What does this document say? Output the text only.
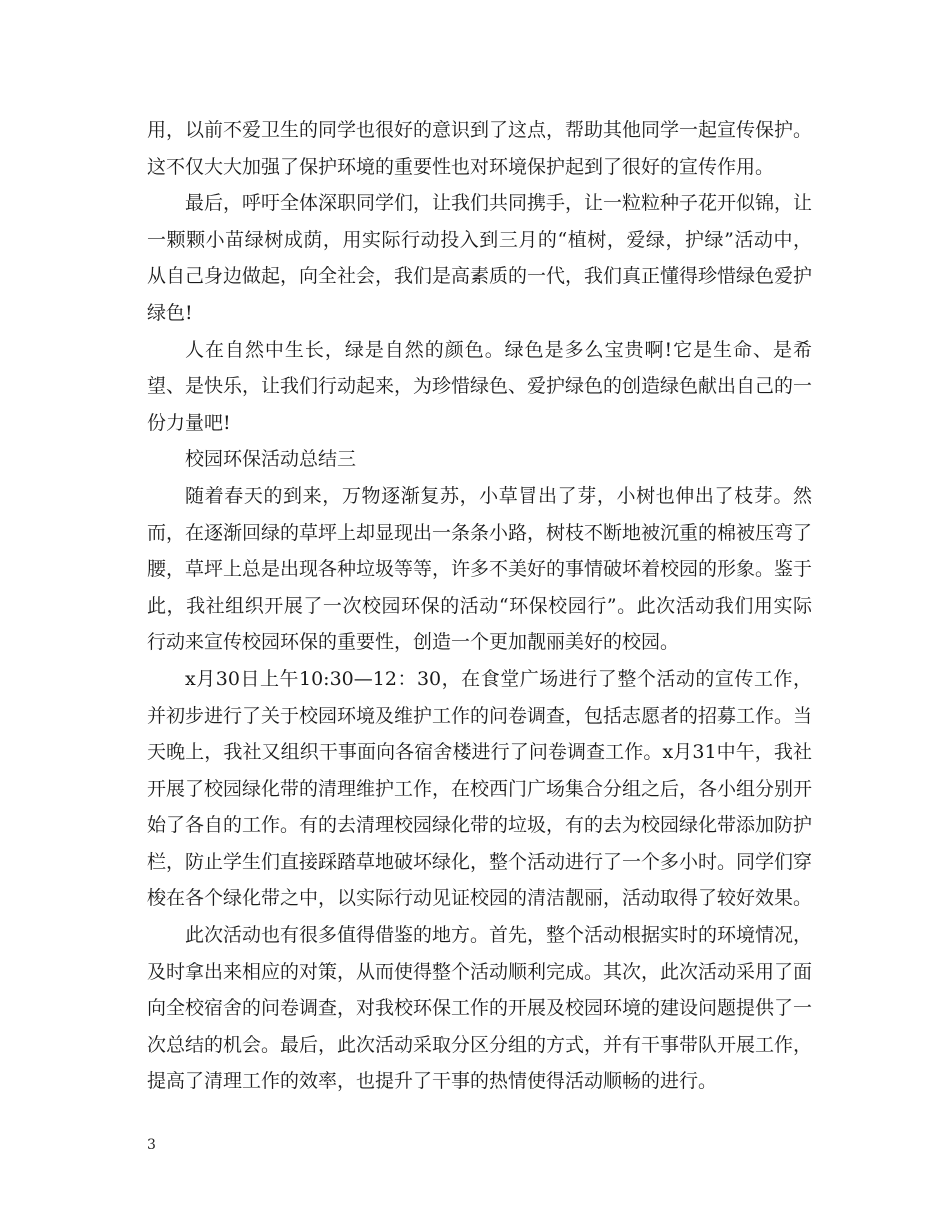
用，以前不爱卫生的同学也很好的意识到了这点，帮助其他同学一起宣传保护。这不仅大大加强了保护环境的重要性也对环境保护起到了很好的宣传作用。

最后，呼吁全体深职同学们，让我们共同携手，让一粒粒种子花开似锦，让一颗颗小苗绿树成荫，用实际行动投入到三月的“植树，爱绿，护绿”活动中，从自己身边做起，向全社会，我们是高素质的一代，我们真正懂得珍惜绿色爱护绿色!

人在自然中生长，绿是自然的颜色。绿色是多么宝贵啊!它是生命、是希望、是快乐，让我们行动起来，为珍惜绿色、爱护绿色的创造绿色献出自己的一份力量吧!

校园环保活动总结三

随着春天的到来，万物逐渐复苏，小草冒出了芽，小树也伸出了枝芽。然而，在逐渐回绿的草坪上却显现出一条条小路，树枝不断地被沉重的棉被压弯了腰，草坪上总是出现各种垃圾等等，许多不美好的事情破坏着校园的形象。鉴于此，我社组织开展了一次校园环保的活动“环保校园行”。此次活动我们用实际行动来宣传校园环保的重要性，创造一个更加靓丽美好的校园。

x月30日上午10:30—12：30，在食堂广场进行了整个活动的宣传工作，并初步进行了关于校园环境及维护工作的问卷调查，包括志愿者的招募工作。当天晚上，我社又组织干事面向各宿舍楼进行了问卷调查工作。x月31中午，我社开展了校园绿化带的清理维护工作，在校西门广场集合分组之后，各小组分别开始了各自的工作。有的去清理校园绿化带的垃圾，有的去为校园绿化带添加防护栏，防止学生们直接踩踏草地破坏绿化，整个活动进行了一个多小时。同学们穿梭在各个绿化带之中，以实际行动见证校园的清洁靓丽，活动取得了较好效果。

此次活动也有很多值得借鉴的地方。首先，整个活动根据实时的环境情况，及时拿出来相应的对策，从而使得整个活动顺利完成。其次，此次活动采用了面向全校宿舍的问卷调查，对我校环保工作的开展及校园环境的建设问题提供了一次总结的机会。最后，此次活动采取分区分组的方式，并有干事带队开展工作，提高了清理工作的效率，也提升了干事的热情使得活动顺畅的进行。

3
